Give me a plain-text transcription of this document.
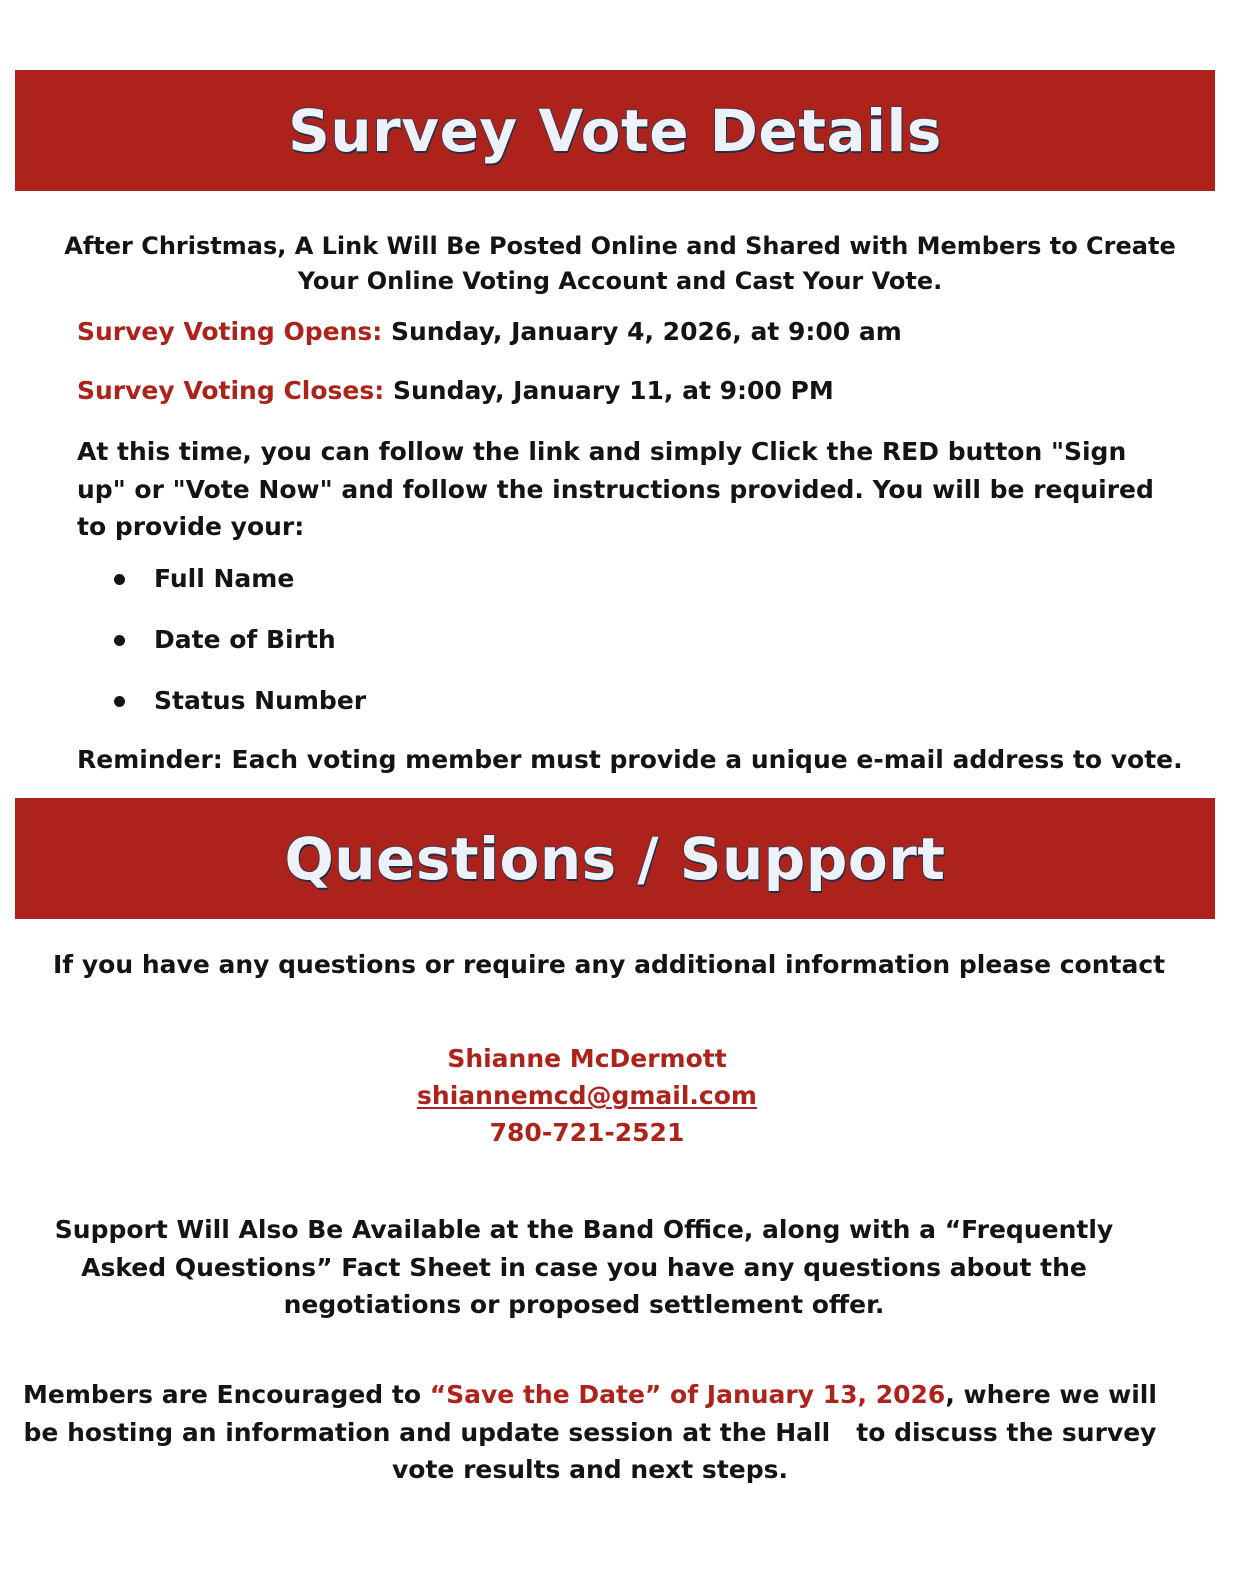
Survey Vote Details

After Christmas, A Link Will Be Posted Online and Shared with Members to Create Your Online Voting Account and Cast Your Vote.

Survey Voting Opens: Sunday, January 4, 2026, at 9:00 am

Survey Voting Closes: Sunday, January 11, at 9:00 PM

At this time, you can follow the link and simply Click the RED button "Sign up" or "Vote Now" and follow the instructions provided. You will be required to provide your:

Full Name
Date of Birth
Status Number

Reminder: Each voting member must provide a unique e-mail address to vote.

Questions / Support

If you have any questions or require any additional information please contact

Shianne McDermott
shiannemcd@gmail.com
780-721-2521

Support Will Also Be Available at the Band Office, along with a “Frequently Asked Questions” Fact Sheet in case you have any questions about the negotiations or proposed settlement offer.

Members are Encouraged to “Save the Date” of January 13, 2026, where we will be hosting an information and update session at the Hall   to discuss the survey vote results and next steps.
